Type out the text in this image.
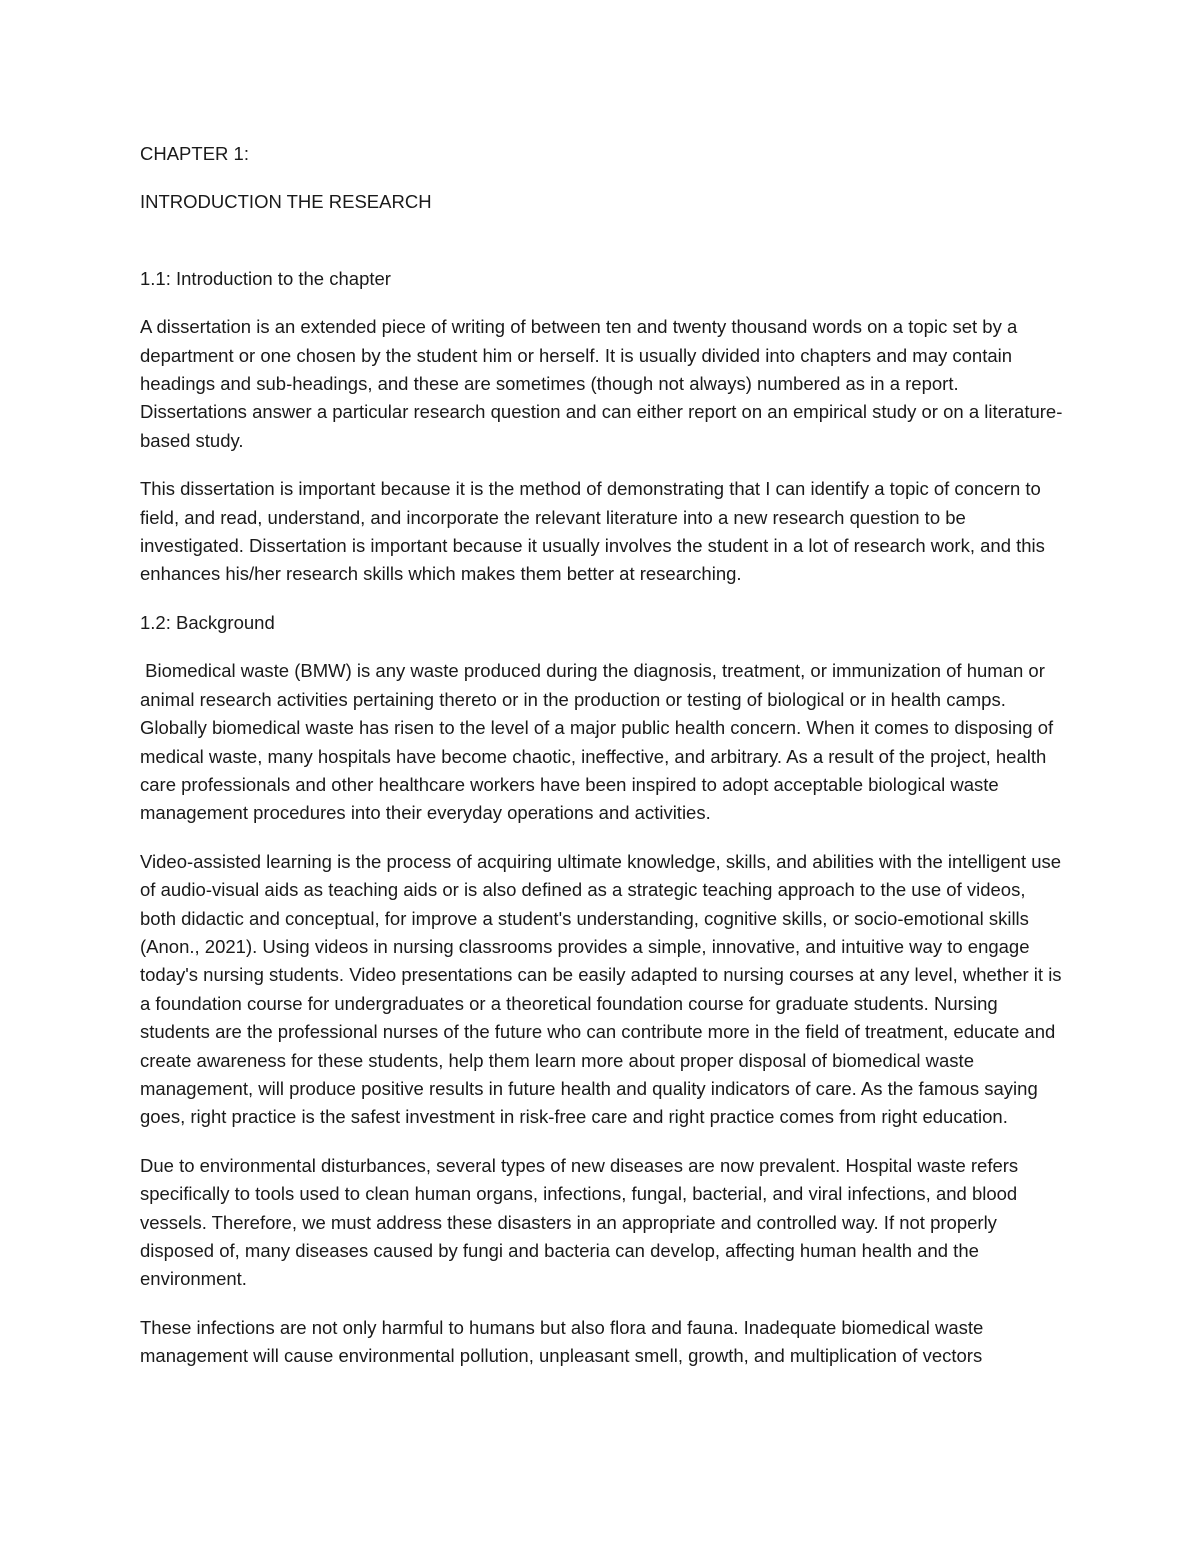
CHAPTER 1:

INTRODUCTION THE RESEARCH

1.1: Introduction to the chapter

A dissertation is an extended piece of writing of between ten and twenty thousand words on a topic set by a department or one chosen by the student him or herself. It is usually divided into chapters and may contain headings and sub-headings, and these are sometimes (though not always) numbered as in a report. Dissertations answer a particular research question and can either report on an empirical study or on a literature-based study.

This dissertation is important because it is the method of demonstrating that I can identify a topic of concern to field, and read, understand, and incorporate the relevant literature into a new research question to be investigated. Dissertation is important because it usually involves the student in a lot of research work, and this enhances his/her research skills which makes them better at researching.

1.2: Background

Biomedical waste (BMW) is any waste produced during the diagnosis, treatment, or immunization of human or animal research activities pertaining thereto or in the production or testing of biological or in health camps. Globally biomedical waste has risen to the level of a major public health concern. When it comes to disposing of medical waste, many hospitals have become chaotic, ineffective, and arbitrary. As a result of the project, health care professionals and other healthcare workers have been inspired to adopt acceptable biological waste management procedures into their everyday operations and activities.

Video-assisted learning is the process of acquiring ultimate knowledge, skills, and abilities with the intelligent use of audio-visual aids as teaching aids or is also defined as a strategic teaching approach to the use of videos, both didactic and conceptual, for improve a student's understanding, cognitive skills, or socio-emotional skills (Anon., 2021). Using videos in nursing classrooms provides a simple, innovative, and intuitive way to engage today's nursing students. Video presentations can be easily adapted to nursing courses at any level, whether it is a foundation course for undergraduates or a theoretical foundation course for graduate students. Nursing students are the professional nurses of the future who can contribute more in the field of treatment, educate and create awareness for these students, help them learn more about proper disposal of biomedical waste management, will produce positive results in future health and quality indicators of care. As the famous saying goes, right practice is the safest investment in risk-free care and right practice comes from right education.

Due to environmental disturbances, several types of new diseases are now prevalent. Hospital waste refers specifically to tools used to clean human organs, infections, fungal, bacterial, and viral infections, and blood vessels. Therefore, we must address these disasters in an appropriate and controlled way. If not properly disposed of, many diseases caused by fungi and bacteria can develop, affecting human health and the environment.

These infections are not only harmful to humans but also flora and fauna. Inadequate biomedical waste management will cause environmental pollution, unpleasant smell, growth, and multiplication of vectors
